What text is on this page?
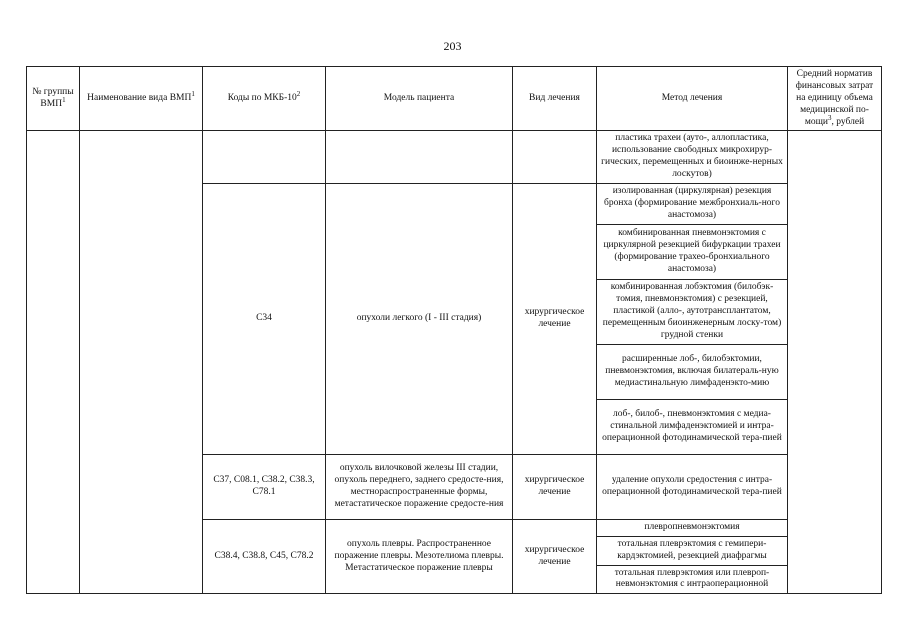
203
№ группы ВМП$^1$	Наименование вида ВМП$^1$	Коды по МКБ-$10^2$	Модель пациента	Вид лечения	Метод лечения	Средний норматив финансовых затрат на единицу объема медицинской по-мощи$^3$, рублей
					пластика трахеи (ауто-, аллопластика, использование свободных микрохирур-гических, перемещенных и биоинже-нерных лоскутов)	
		C34	опухоли легкого (I - III стадия)	хирургическое лечение	изолированная (циркулярная) резекция бронха (формирование межбронхиаль-ного анастомоза)	
					комбинированная пневмонэктомия с циркулярной резекцией бифуркации трахеи (формирование трахео-бронхиального анастомоза)	
					комбинированная лобэктомия (билобэк-томия, пневмонэктомия) с резекцией, пластикой (алло-, аутотрансплантатом, перемещенным биоинженерным лоску-том) грудной стенки	
					расширенные лоб-, билобэктомии, пневмонэктомия, включая билатераль-ную медиастинальную лимфаденэкто-мию	
					лоб-, билоб-, пневмонэктомия с медиа-стинальной лимфаденэктомией и интра-операционной фотодинамической тера-пией	
		C37, C08.1, C38.2, C38.3, C78.1	опухоль вилочковой железы III стадии, опухоль переднего, заднего средосте-ния, местнораспространенные формы, метастатическое поражение средосте-ния	хирургическое лечение	удаление опухоли средостения с интра-операционной фотодинамической тера-пией	
		C38.4, C38.8, C45, C78.2	опухоль плевры. Распространенное поражение плевры. Мезотелиома плевры. Метастатическое поражение плевры	хирургическое лечение	плевропневмонэктомия	
					тотальная плеврэктомия с гемипери-кардэктомией, резекцией диафрагмы	
					тотальная плеврэктомия или плевроп-невмонэктомия с интраоперационной	
